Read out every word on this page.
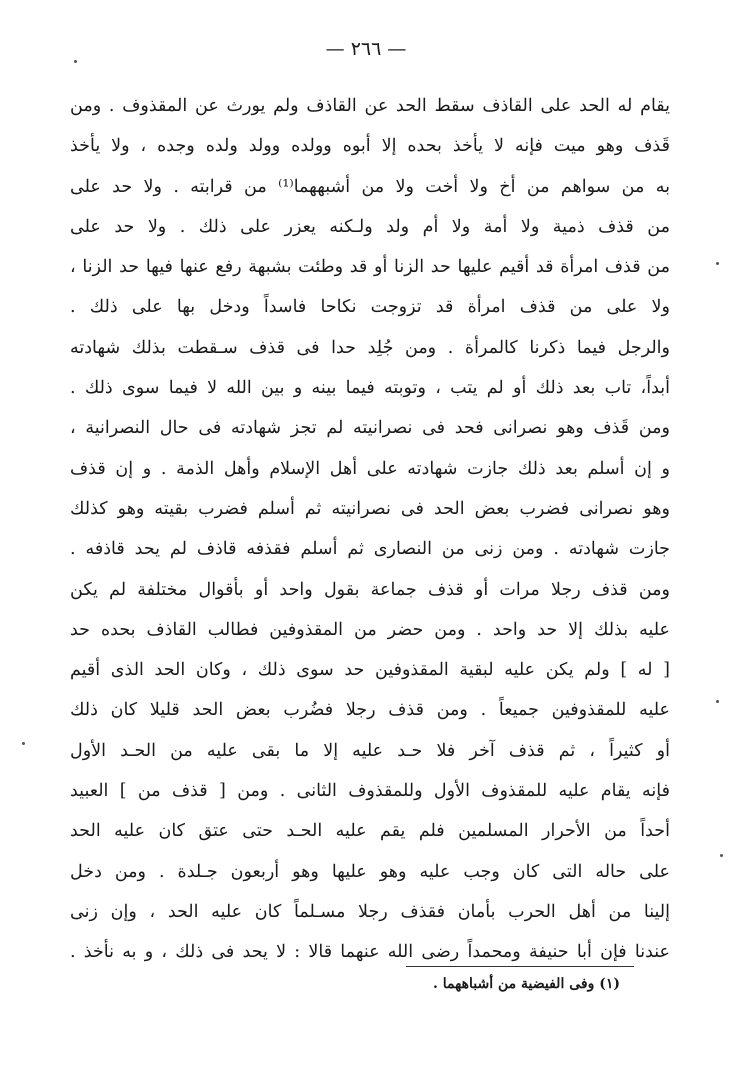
— ٢٦٦ —
يقام له الحد على القاذف سقط الحد عن القاذف ولم يورث عن المقذوف . ومن
قَذف وهو ميت فإنه لا يأخذ بحده إلا أبوه وولده وولد ولده وجده ، ولا يأخذ
به من سواهم من أخ ولا أخت ولا من أشبههما⁽¹⁾ من قرابته . ولا حد على
من قذف ذمية ولا أمة ولا أم ولد ولـكنه يعزر على ذلك . ولا حد على
من قذف امرأة قد أقيم عليها حد الزنا أو قد وطئت بشبهة رفع عنها فيها حد الزنا ،
ولا على من قذف امرأة قد تزوجت نكاحا فاسداً ودخل بها على ذلك .
والرجل فيما ذكرنا كالمرأة . ومن جُلِد حدا فى قذف سـقطت بذلك شهادته
أبداً، تاب بعد ذلك أو لم يتب ، وتوبته فيما بينه و بين الله لا فيما سوى ذلك .
ومن قَذف وهو نصرانى فحد فى نصرانيته لم تجز شهادته فى حال النصرانية ،
و إن أسلم بعد ذلك جازت شهادته على أهل الإسلام وأهل الذمة . و إن قذف
وهو نصرانى فضرب بعض الحد فى نصرانيته ثم أسلم فضرب بقيته وهو كذلك
جازت شهادته . ومن زنى من النصارى ثم أسلم فقذفه قاذف لم يحد قاذفه .
ومن قذف رجلا مرات أو قذف جماعة بقول واحد أو بأقوال مختلفة لم يكن
عليه بذلك إلا حد واحد . ومن حضر من المقذوفين فطالب القاذف بحده حد
[ له ] ولم يكن عليه لبقية المقذوفين حد سوى ذلك ، وكان الحد الذى أقيم
عليه للمقذوفين جميعاً . ومن قذف رجلا فضُرب بعض الحد قليلا كان ذلك
أو كثيراً ، ثم قذف آخر فلا حـد عليه إلا ما بقى عليه من الحـد الأول
فإنه يقام عليه للمقذوف الأول وللمقذوف الثانى . ومن [ قذف من ] العبيد
أحداً من الأحرار المسلمين فلم يقم عليه الحـد حتى عتق كان عليه الحد
على حاله التى كان وجب عليه وهو عليها وهو أربعون جـلدة . ومن دخل
إلينا من أهل الحرب بأمان فقذف رجلا مسـلماً كان عليه الحد ، وإن زنى
عندنا فإن أبا حنيفة ومحمداً رضى الله عنهما قالا : لا يحد فى ذلك ، و به نأخذ .
(١) وفى الفيضية من أشباههما .
